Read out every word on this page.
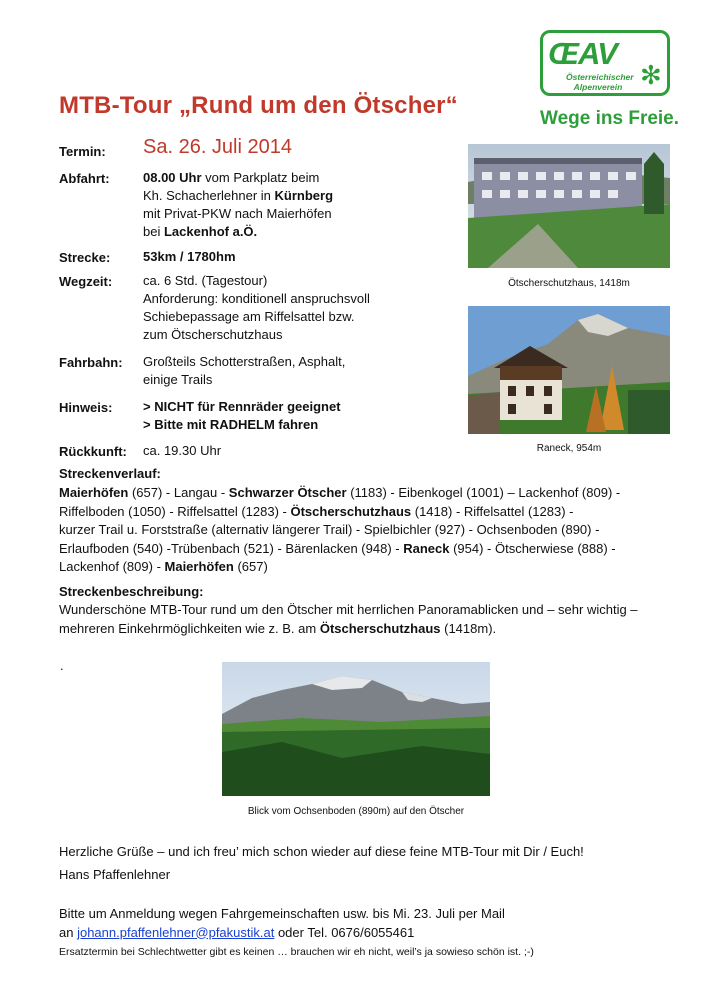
MTB-Tour „Rund um den Ötscher“
ŒAV
Österreichischer
Alpenverein ✻
Wege ins Freie.
Termin: Sa. 26. Juli 2014
Abfahrt:	08.00 Uhr vom Parkplatz beim
Kh. Schacherlehner in Kürnberg
mit Privat-PKW nach Maierhöfen
bei Lackenhof a.Ö.
Strecke:	53km / 1780hm
Wegzeit: ca. 6 Std. (Tagestour)
Anforderung: konditionell anspruchsvoll
Schiebepassage am Riffelsattel bzw.
zum Ötscherschutzhaus
Fahrbahn: Großteils Schotterstraßen, Asphalt,
einige Trails
Hinweis: > NICHT für Rennräder geeignet
> Bitte mit RADHELM fahren
Rückkunft: ca. 19.30 Uhr
Ötscherschutzhaus, 1418m
Raneck, 954m
Streckenverlauf:
Maierhöfen (657) - Langau - Schwarzer Ötscher (1183) - Eibenkogel (1001) – Lackenhof (809) -
Riffelboden (1050) - Riffelsattel (1283) - Ötscherschutzhaus (1418) - Riffelsattel (1283) -
kurzer Trail u. Forststraße (alternativ längerer Trail) - Spielbichler (927) - Ochsenboden (890) -
Erlaufboden (540) -Trübenbach (521) - Bärenlacken (948) - Raneck (954) - Ötscherwiese (888) -
Lackenhof (809) - Maierhöfen (657)
Streckenbeschreibung:
Wunderschöne MTB-Tour rund um den Ötscher mit herrlichen Panoramablicken und – sehr wichtig –
mehreren Einkehrmöglichkeiten wie z. B. am Ötscherschutzhaus (1418m).
.
Blick vom Ochsenboden (890m) auf den Ötscher
Herzliche Grüße – und ich freu’ mich schon wieder auf diese feine MTB-Tour mit Dir / Euch!
Hans Pfaffenlehner
Bitte um Anmeldung wegen Fahrgemeinschaften usw. bis Mi. 23. Juli per Mail
an johann.pfaffenlehner@pfakustik.at oder Tel. 0676/6055461
Ersatztermin bei Schlechtwetter gibt es keinen … brauchen wir eh nicht, weil’s ja sowieso schön ist. ;-)
